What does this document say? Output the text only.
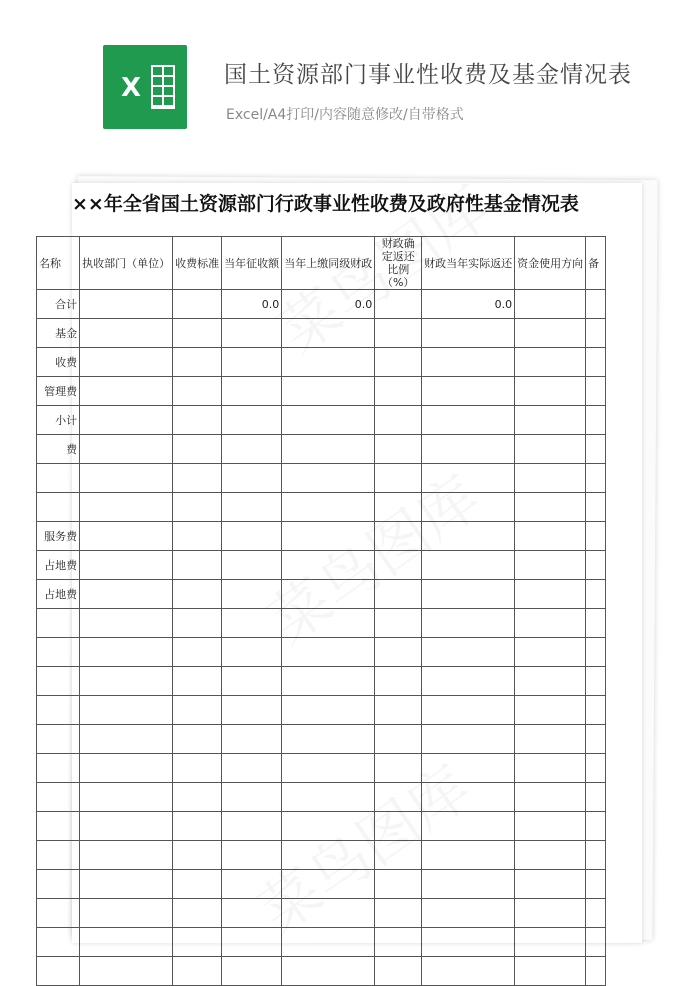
X	国土资源部门事业性收费及基金情况表
Excel/A4打印/内容随意修改/自带格式
××年全省国土资源部门行政事业性收费及政府性基金情况表
名称	执收部门（单位）	收费标准	当年征收额	当年上缴同级财政	财政确定返还比例（%）	财政当年实际返还	资金使用方向	备
合计			0.0	0.0		0.0		
基金								
收费								
管理费								
小计								
费								

服务费								
占地费								
占地费								
